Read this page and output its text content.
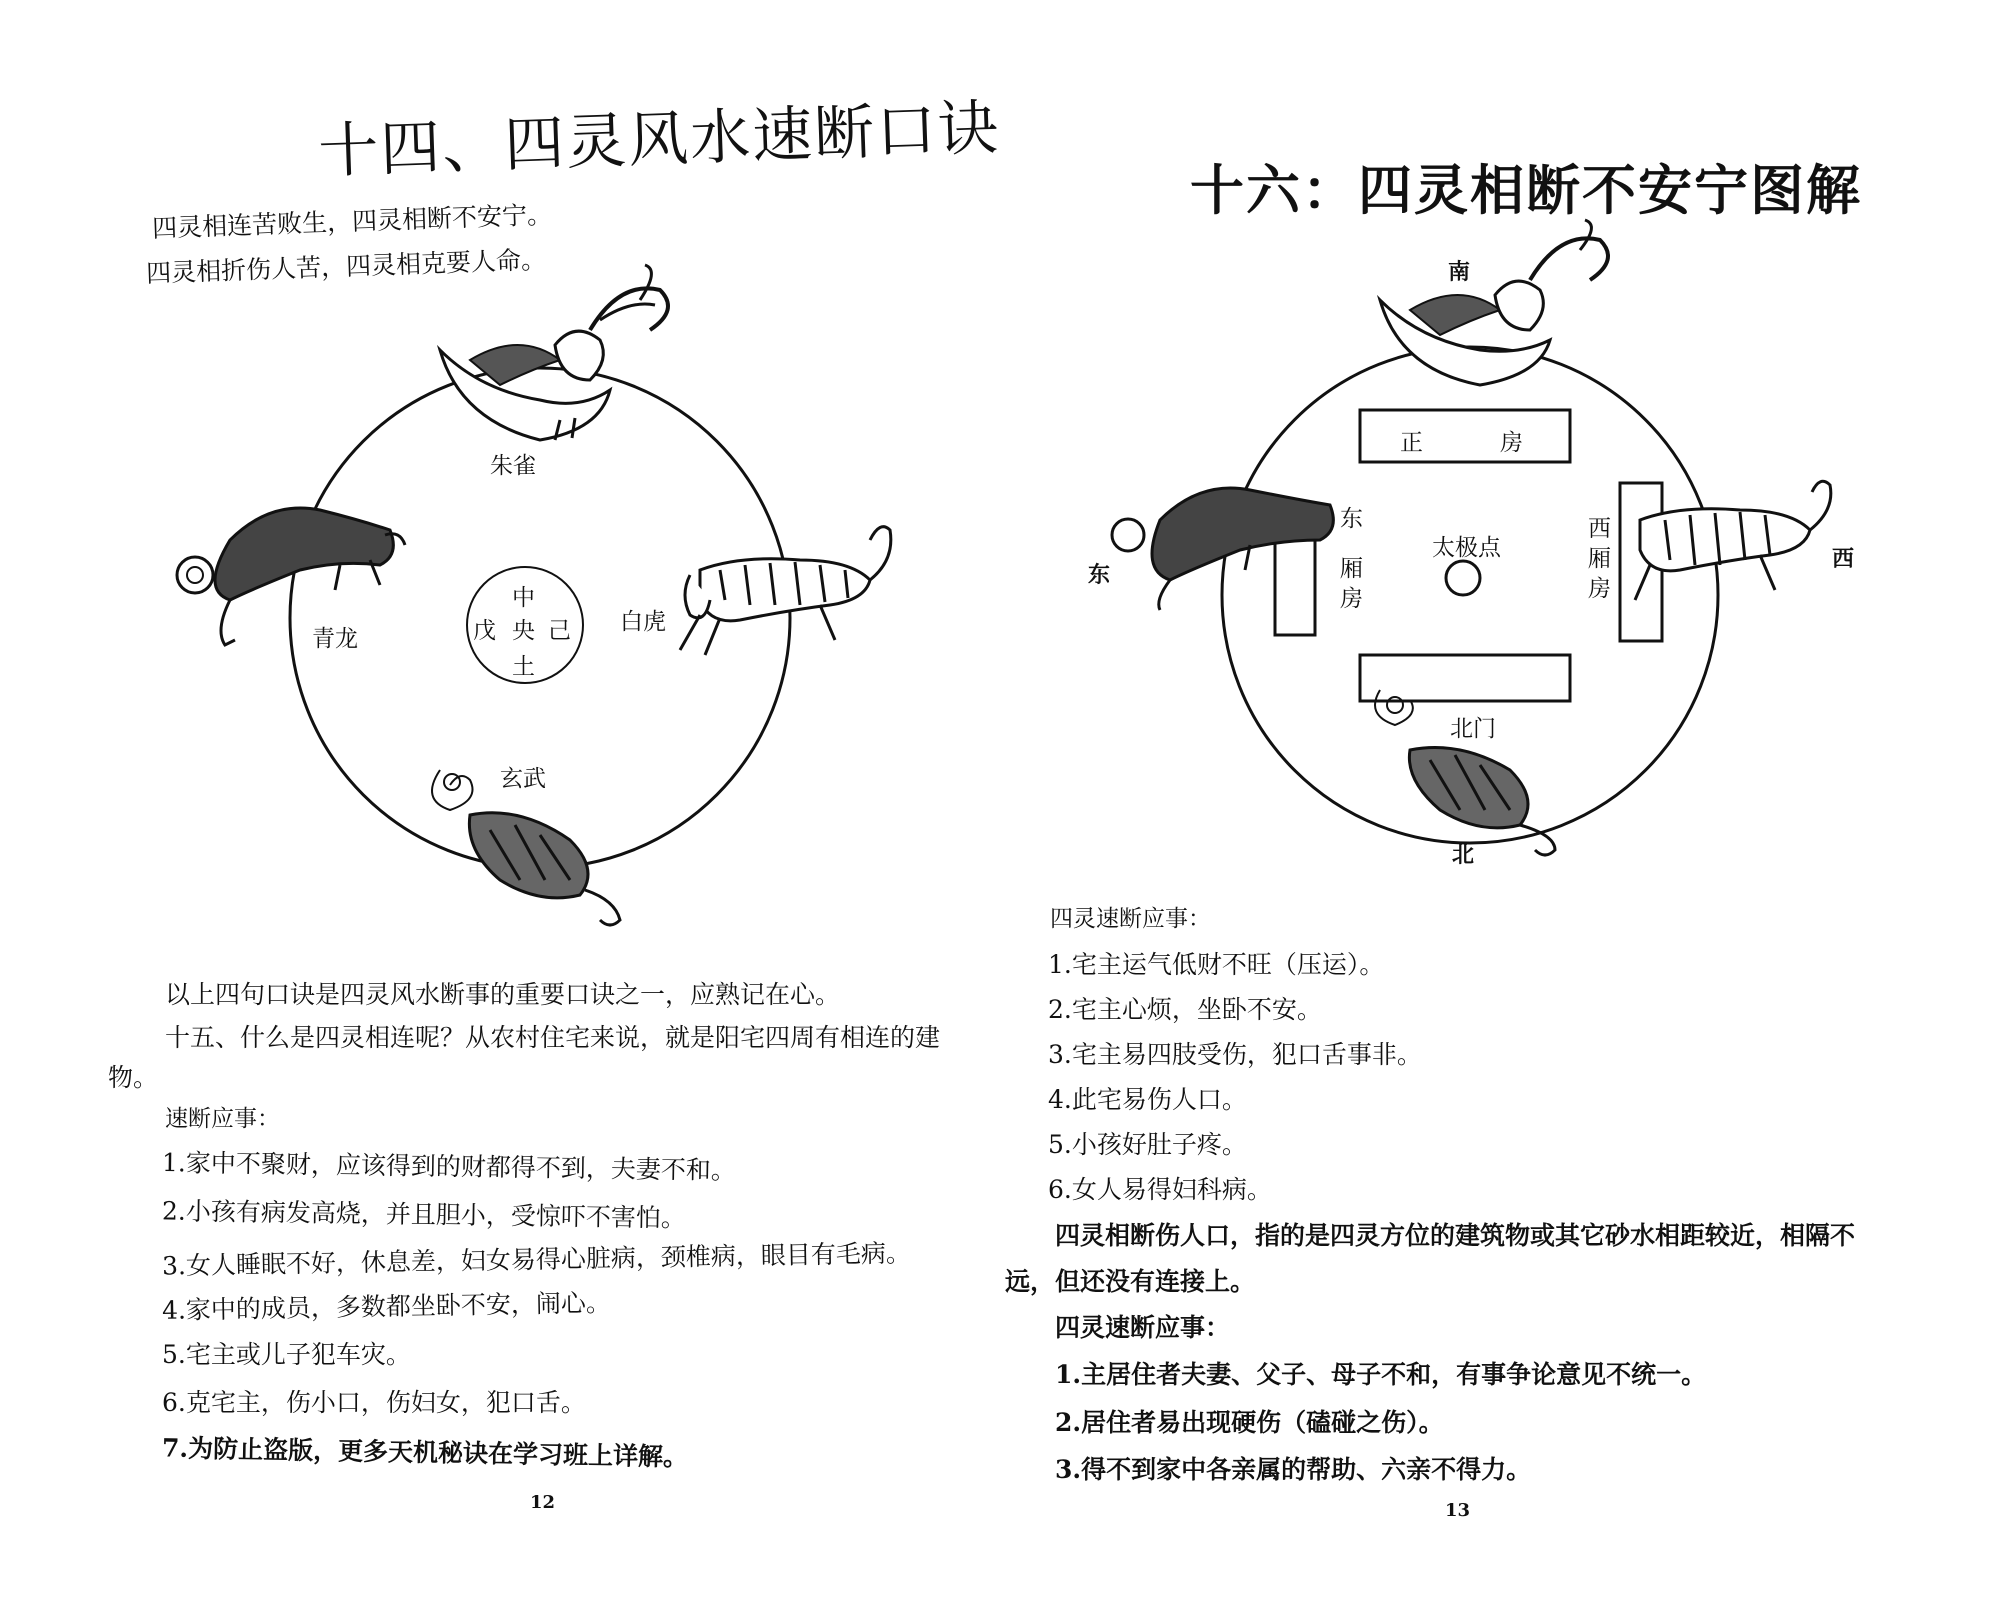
十四、四灵风水速断口诀
四灵相连苦败生，四灵相断不安宁。
四灵相折伤人苦，四灵相克要人命。
朱雀
青龙
白虎
玄武
中
戊 央 己
土
以上四句口诀是四灵风水断事的重要口诀之一，应熟记在心。
十五、什么是四灵相连呢？从农村住宅来说，就是阳宅四周有相连的建
物。
速断应事：
1.家中不聚财，应该得到的财都得不到，夫妻不和。
2.小孩有病发高烧，并且胆小，受惊吓不害怕。
3.女人睡眠不好，休息差，妇女易得心脏病，颈椎病，眼目有毛病。
4.家中的成员，多数都坐卧不安，闹心。
5.宅主或儿子犯车灾。
6.克宅主，伤小口，伤妇女，犯口舌。
7.为防止盗版，更多天机秘诀在学习班上详解。
12
十六：四灵相断不安宁图解
南
北
东
西
正	房
东
厢
房
西
厢
房
太极点
北门
四灵速断应事：
1.宅主运气低财不旺（压运）。
2.宅主心烦，坐卧不安。
3.宅主易四肢受伤，犯口舌事非。
4.此宅易伤人口。
5.小孩好肚子疼。
6.女人易得妇科病。
四灵相断伤人口，指的是四灵方位的建筑物或其它砂水相距较近，相隔不
远，但还没有连接上。
四灵速断应事：
1.主居住者夫妻、父子、母子不和，有事争论意见不统一。
2.居住者易出现硬伤（磕碰之伤）。
3.得不到家中各亲属的帮助、六亲不得力。
13
